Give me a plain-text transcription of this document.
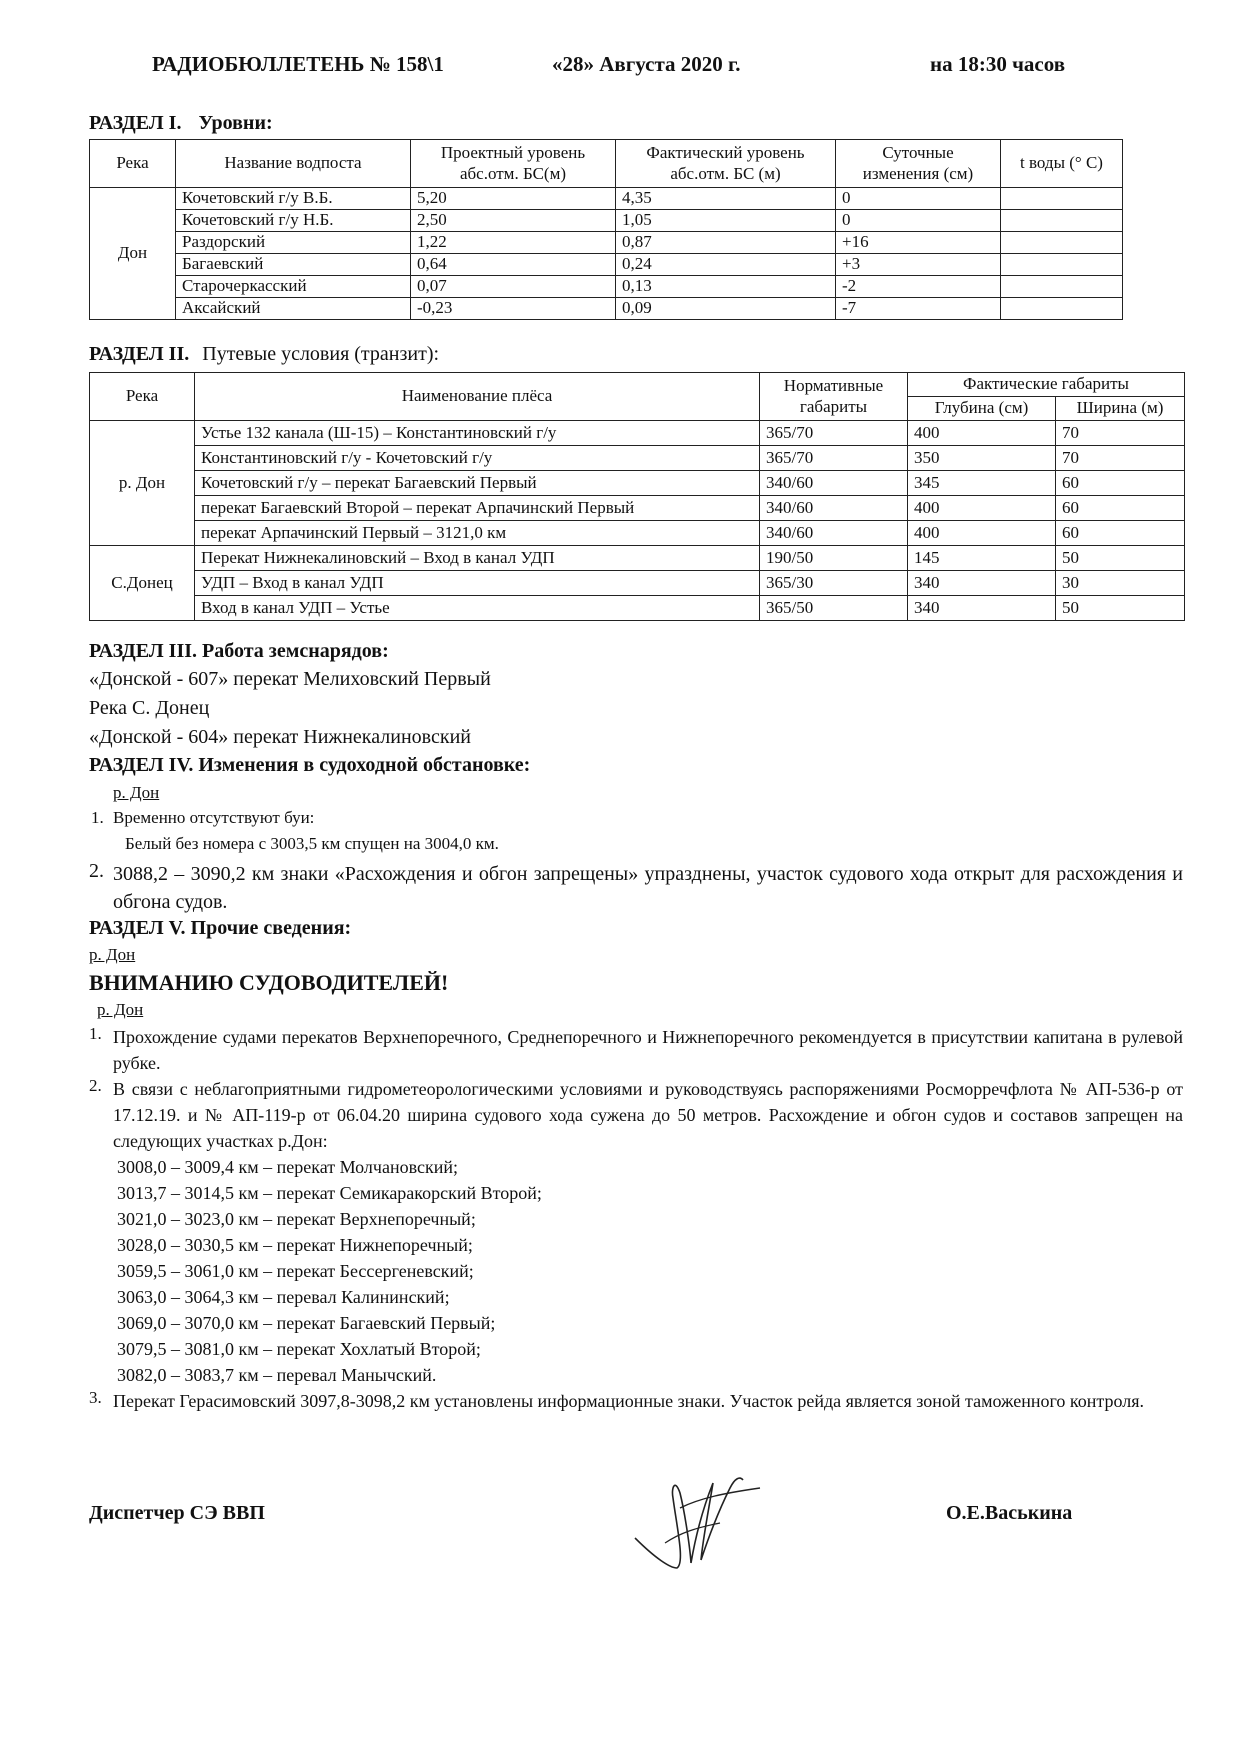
РАДИОБЮЛЛЕТЕНЬ № 158\1	«28» Августа 2020 г.	на 18:30 часов
РАЗДЕЛ I. Уровни:
Река	Название водпоста	Проектный уровень абс.отм. БС(м)	Фактический уровень абс.отм. БС (м)	Суточные изменения (см)	t воды (° С)
Дон	Кочетовский г/у В.Б.	5,20	4,35	0	
	Кочетовский г/у Н.Б.	2,50	1,05	0	
	Раздорский	1,22	0,87	+16	
	Багаевский	0,64	0,24	+3	
	Старочеркасский	0,07	0,13	-2	
	Аксайский	-0,23	0,09	-7	
РАЗДЕЛ II. Путевые условия (транзит):
Река	Наименование плёса	Нормативные габариты	Фактические габариты	
			Глубина (см)	Ширина (м)
р. Дон	Устье 132 канала (Ш-15) – Константиновский г/у	365/70	400	70
	Константиновский г/у - Кочетовский г/у	365/70	350	70
	Кочетовский г/у – перекат Багаевский Первый	340/60	345	60
	перекат Багаевский Второй – перекат Арпачинский Первый	340/60	400	60
	перекат Арпачинский Первый – 3121,0 км	340/60	400	60
С.Донец	Перекат Нижнекалиновский – Вход в канал УДП	190/50	145	50
	УДП – Вход в канал УДП	365/30	340	30
	Вход в канал УДП – Устье	365/50	340	50
РАЗДЕЛ III. Работа земснарядов:
«Донской - 607» перекат Мелиховский Первый
Река С. Донец
«Донской - 604» перекат Нижнекалиновский
РАЗДЕЛ IV. Изменения в судоходной обстановке:
р. Дон
1. Временно отсутствуют буи:
Белый без номера с 3003,5 км спущен на 3004,0 км.
2. 3088,2 – 3090,2 км знаки «Расхождения и обгон запрещены» упразднены, участок судового хода открыт для расхождения и обгона судов.
РАЗДЕЛ V. Прочие сведения:
р. Дон
ВНИМАНИЮ СУДОВОДИТЕЛЕЙ!
р. Дон
1. Прохождение судами перекатов Верхнепоречного, Среднепоречного и Нижнепоречного рекомендуется в присутствии капитана в рулевой рубке.
2. В связи с неблагоприятными гидрометеорологическими условиями и руководствуясь распоряжениями Росморречфлота № АП-536-р от 17.12.19. и № АП-119-р от 06.04.20 ширина судового хода сужена до 50 метров. Расхождение и обгон судов и составов запрещен на следующих участках р.Дон:
3008,0 – 3009,4 км – перекат Молчановский;
3013,7 – 3014,5 км – перекат Семикаракорский Второй;
3021,0 – 3023,0 км – перекат Верхнепоречный;
3028,0 – 3030,5 км – перекат Нижнепоречный;
3059,5 – 3061,0 км – перекат Бессергеневский;
3063,0 – 3064,3 км – перевал Калининский;
3069,0 – 3070,0 км – перекат Багаевский Первый;
3079,5 – 3081,0 км – перекат Хохлатый Второй;
3082,0 – 3083,7 км – перевал Манычский.
3. Перекат Герасимовский 3097,8-3098,2 км установлены информационные знаки. Участок рейда является зоной таможенного контроля.
Диспетчер СЭ ВВП	О.Е.Васькина
